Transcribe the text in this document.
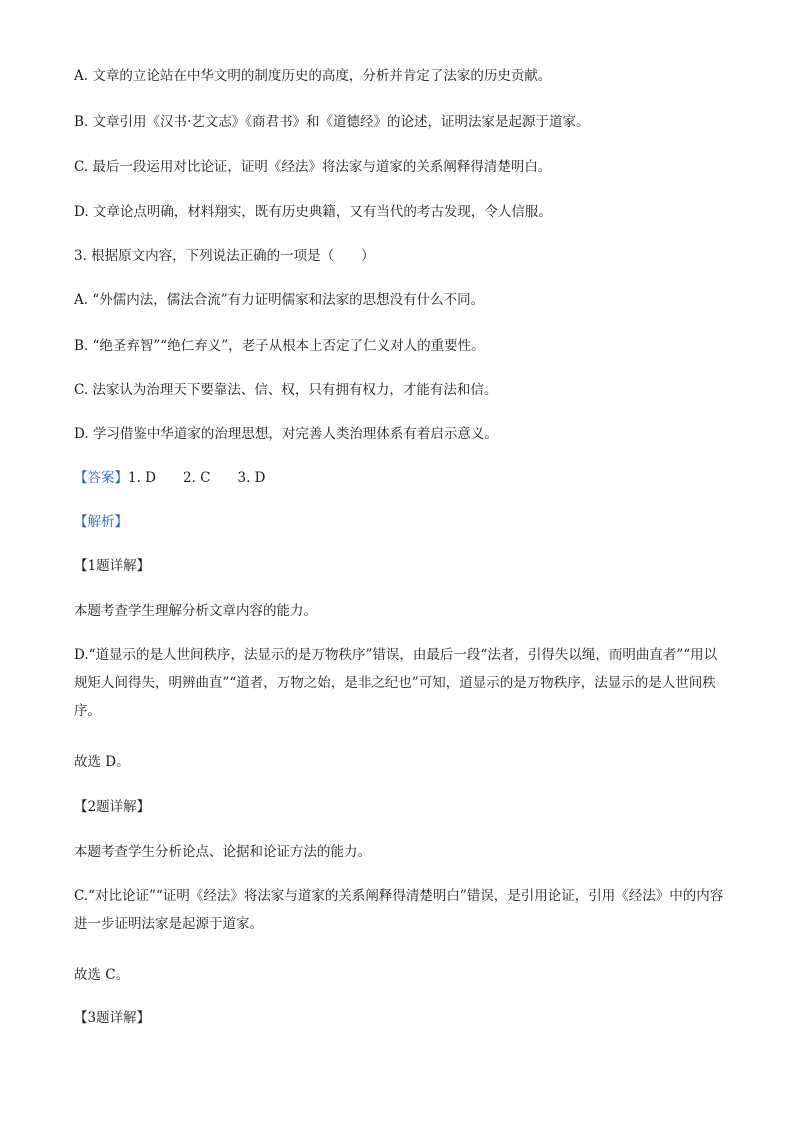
A. 文章的立论站在中华文明的制度历史的高度，分析并肯定了法家的历史贡献。
B. 文章引用《汉书·艺文志》《商君书》和《道德经》的论述，证明法家是起源于道家。
C. 最后一段运用对比论证，证明《经法》将法家与道家的关系阐释得清楚明白。
D. 文章论点明确，材料翔实，既有历史典籍，又有当代的考古发现，令人信服。
3. 根据原文内容，下列说法正确的一项是（　　）
A. “外儒内法，儒法合流”有力证明儒家和法家的思想没有什么不同。
B. “绝圣弃智”“绝仁弃义”，老子从根本上否定了仁义对人的重要性。
C. 法家认为治理天下要靠法、信、权，只有拥有权力，才能有法和信。
D. 学习借鉴中华道家的治理思想，对完善人类治理体系有着启示意义。
【答案】1. D　　2. C　　3. D
【解析】
【1题详解】
本题考查学生理解分析文章内容的能力。
D.“道显示的是人世间秩序，法显示的是万物秩序”错误，由最后一段“法者，引得失以绳，而明曲直者”“用以规矩人间得失，明辨曲直”“道者，万物之始，是非之纪也”可知，道显示的是万物秩序，法显示的是人世间秩序。
故选 D。
【2题详解】
本题考查学生分析论点、论据和论证方法的能力。
C.“对比论证”“证明《经法》将法家与道家的关系阐释得清楚明白”错误，是引用论证，引用《经法》中的内容进一步证明法家是起源于道家。
故选 C。
【3题详解】
